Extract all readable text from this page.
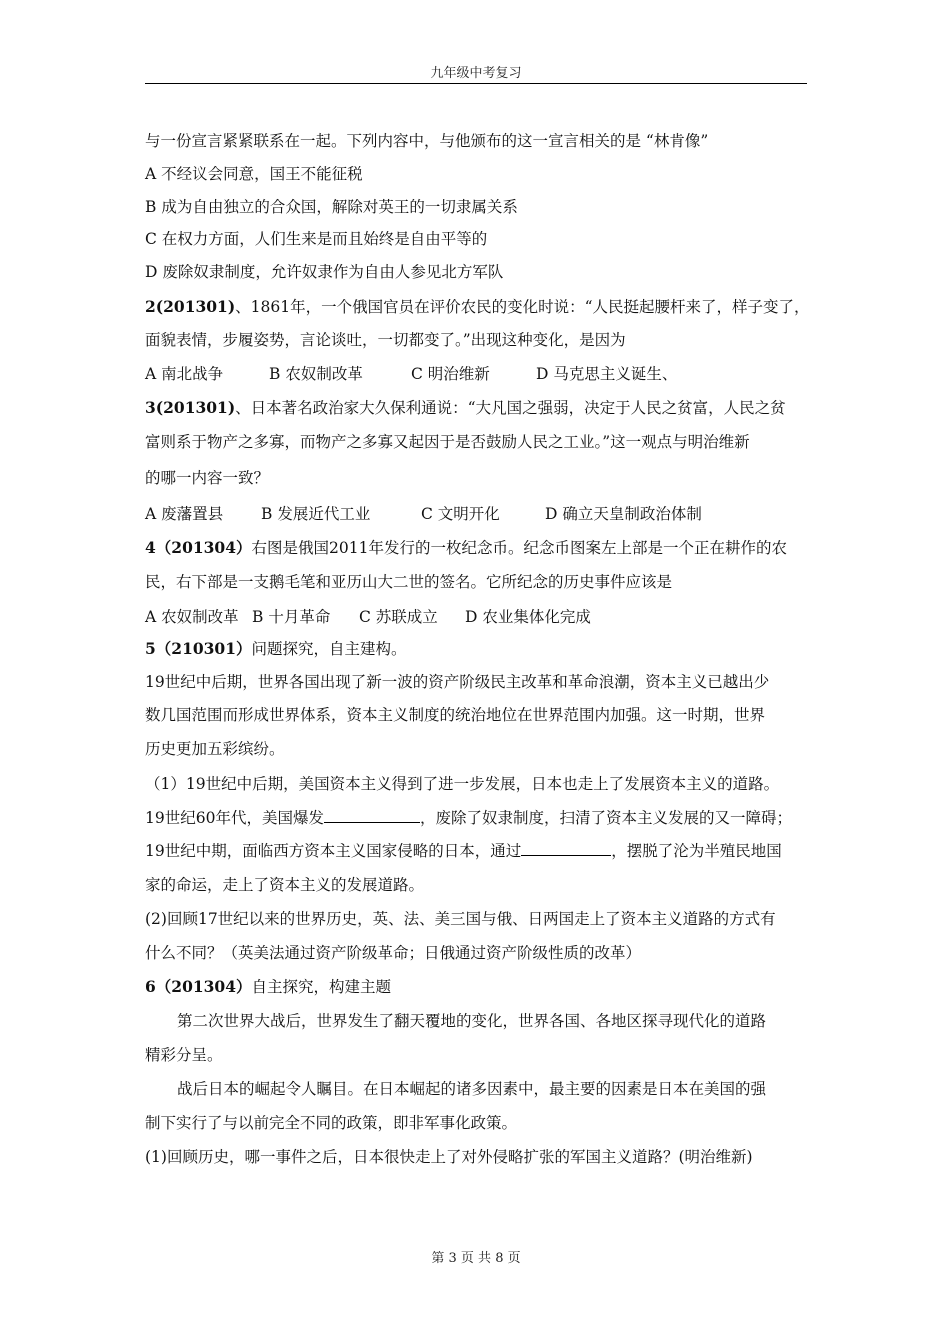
九年级中考复习
与一份宣言紧紧联系在一起。下列内容中，与他颁布的这一宣言相关的是 “林肯像”
A 不经议会同意，国王不能征税
B 成为自由独立的合众国，解除对英王的一切隶属关系
C 在权力方面，人们生来是而且始终是自由平等的
D 废除奴隶制度，允许奴隶作为自由人参见北方军队
2(201301)、1861年，一个俄国官员在评价农民的变化时说：“人民挺起腰杆来了，样子变了，
面貌表情，步履姿势，言论谈吐，一切都变了。”出现这种变化，是因为
A 南北战争	B 农奴制改革	C 明治维新	D 马克思主义诞生、
3(201301)、日本著名政治家大久保利通说：“大凡国之强弱，决定于人民之贫富，人民之贫
富则系于物产之多寡，而物产之多寡又起因于是否鼓励人民之工业。”这一观点与明治维新
的哪一内容一致？
A 废藩置县 B 发展近代工业	C 文明开化	D 确立天皇制政治体制
4（201304）右图是俄国2011年发行的一枚纪念币。纪念币图案左上部是一个正在耕作的农
民，右下部是一支鹅毛笔和亚历山大二世的签名。它所纪念的历史事件应该是
A 农奴制改革 B 十月革命 C 苏联成立 D 农业集体化完成
5（210301）问题探究，自主建构。
19世纪中后期，世界各国出现了新一波的资产阶级民主改革和革命浪潮，资本主义已越出少
数几国范围而形成世界体系，资本主义制度的统治地位在世界范围内加强。这一时期，世界
历史更加五彩缤纷。
（1）19世纪中后期，美国资本主义得到了进一步发展，日本也走上了发展资本主义的道路。
19世纪60年代，美国爆发	，废除了奴隶制度，扫清了资本主义发展的又一障碍；
19世纪中期，面临西方资本主义国家侵略的日本，通过	，摆脱了沦为半殖民地国
家的命运，走上了资本主义的发展道路。
(2)回顾17世纪以来的世界历史，英、法、美三国与俄、日两国走上了资本主义道路的方式有
什么不同？（英美法通过资产阶级革命；日俄通过资产阶级性质的改革）
6（201304）自主探究，构建主题
第二次世界大战后，世界发生了翻天覆地的变化，世界各国、各地区探寻现代化的道路
精彩分呈。
战后日本的崛起令人瞩目。在日本崛起的诸多因素中，最主要的因素是日本在美国的强
制下实行了与以前完全不同的政策，即非军事化政策。
(1)回顾历史，哪一事件之后，日本很快走上了对外侵略扩张的军国主义道路？(明治维新)
第 3 页 共 8 页
